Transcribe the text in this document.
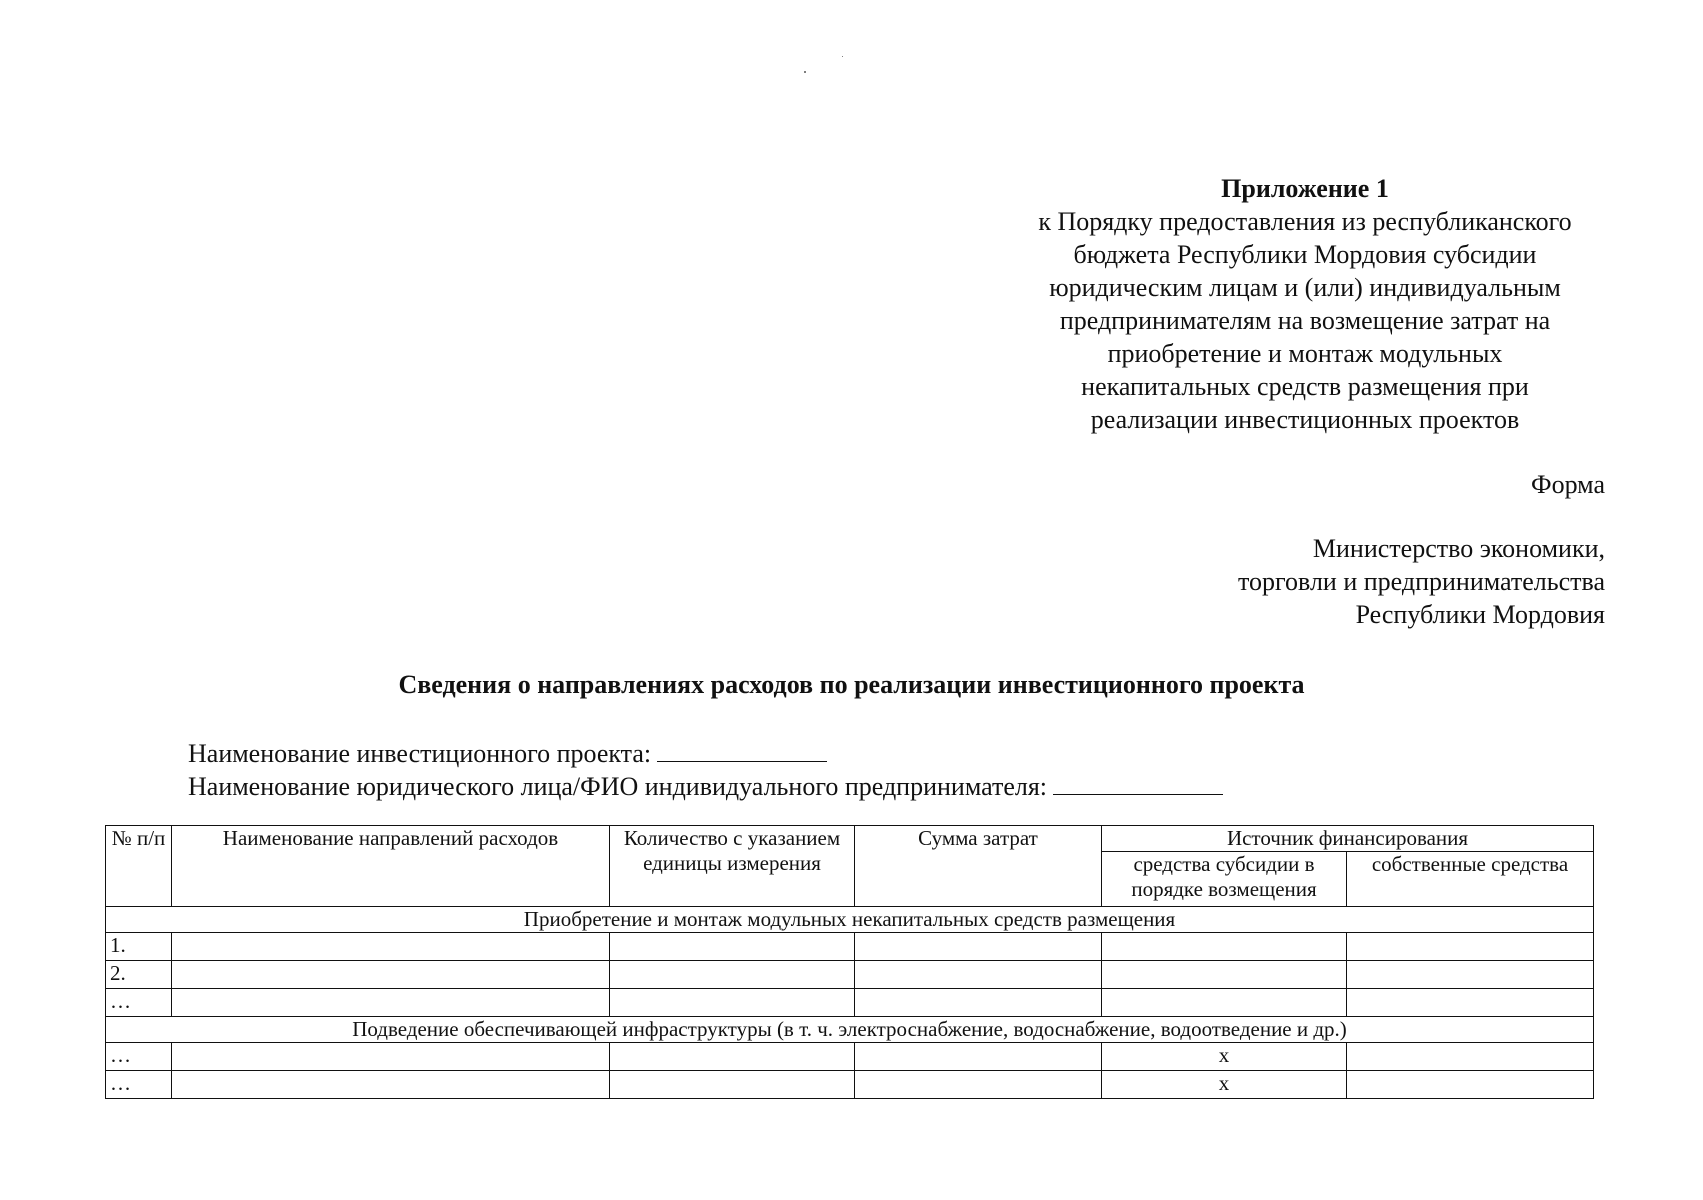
Приложение 1
к Порядку предоставления из республиканского
бюджета Республики Мордовия субсидии
юридическим лицам и (или) индивидуальным
предпринимателям на возмещение затрат на
приобретение и монтаж модульных
некапитальных средств размещения при
реализации инвестиционных проектов
Форма
Министерство экономики,
торговли и предпринимательства
Республики Мордовия
Сведения о направлениях расходов по реализации инвестиционного проекта
Наименование инвестиционного проекта:
Наименование юридического лица/ФИО индивидуального предпринимателя:
№ п/п	Наименование направлений расходов	Количество с указанием единицы измерения	Сумма затрат	Источник финансирования	
				средства субсидии в порядке возмещения	собственные средства
Приобретение и монтаж модульных некапитальных средств размещения					
1.					
2.					
…					
Подведение обеспечивающей инфраструктуры (в т. ч. электроснабжение, водоснабжение, водоотведение и др.)					
…				x	
…				x	
